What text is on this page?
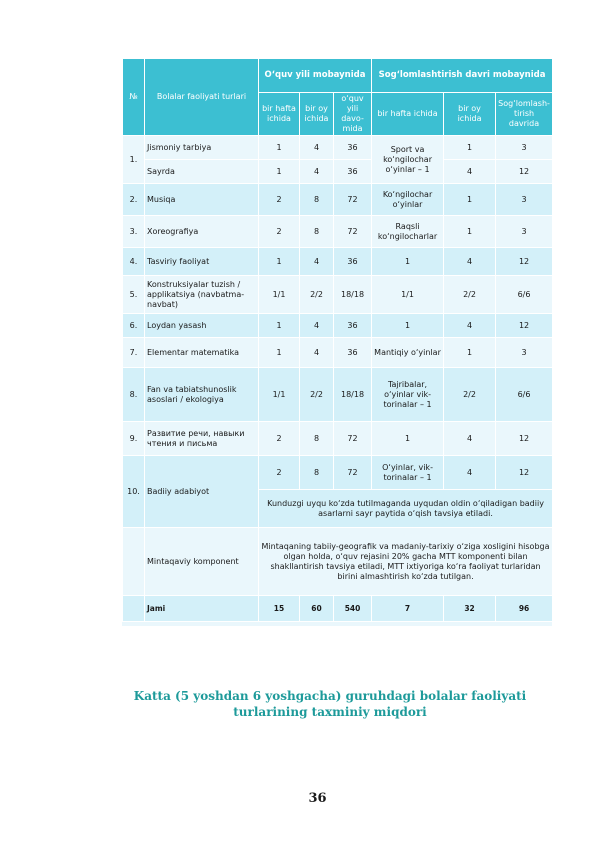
№	Bolalar faoliyati turlari	O‘quv yili mobaynida			Sog‘lomlashtirish davri mobaynida		
		bir hafta ichida	bir oy ichida	o‘quv yili davo-mida	bir hafta ichida	bir oy ichida	Sog‘lomlash-tirish davrida
1.	Jismoniy tarbiya	1	4	36	Sport va ko‘ngilochar o‘yinlar – 1	1	3
	Sayrda	1	4	36		4	12
2.	Musiqa	2	8	72	Ko‘ngilochar o‘yinlar	1	3
3.	Xoreografiya	2	8	72	Raqsli ko‘ngilocharlar	1	3
4.	Tasviriy faoliyat	1	4	36	1	4	12
5.	Konstruksiyalar tuzish / applikatsiya (navbatma-navbat)	1/1	2/2	18/18	1/1	2/2	6/6
6.	Loydan yasash	1	4	36	1	4	12
7.	Elementar matematika	1	4	36	Mantiqiy o‘yinlar	1	3
8.	Fan va tabiatshunoslik asoslari / ekologiya	1/1	2/2	18/18	Tajribalar, o‘yinlar vik-torinalar – 1	2/2	6/6
9.	Развитие речи, навыки чтения и письма	2	8	72	1	4	12
10.	Badiiy adabiyot	2	8	72	O‘yinlar, vik-torinalar – 1	4	12
		Kunduzgi uyqu ko‘zda tutilmaganda uyqudan oldin o‘qiladigan badiiy asarlarni sayr paytida o‘qish tavsiya etiladi.					
	Mintaqaviy komponent	Mintaqaning tabiiy-geografik va madaniy-tarixiy o‘ziga xosligini hisobga olgan holda, o‘quv rejasini 20% gacha MTT komponenti bilan shakllantirish tavsiya etiladi, MTT ixtiyoriga ko‘ra faoliyat turlaridan birini almashtirish ko‘zda tutilgan.					
	Jami	15	60	540	7	32	96
Katta (5 yoshdan 6 yoshgacha) guruhdagi bolalar faoliyati turlarining taxminiy miqdori
36
